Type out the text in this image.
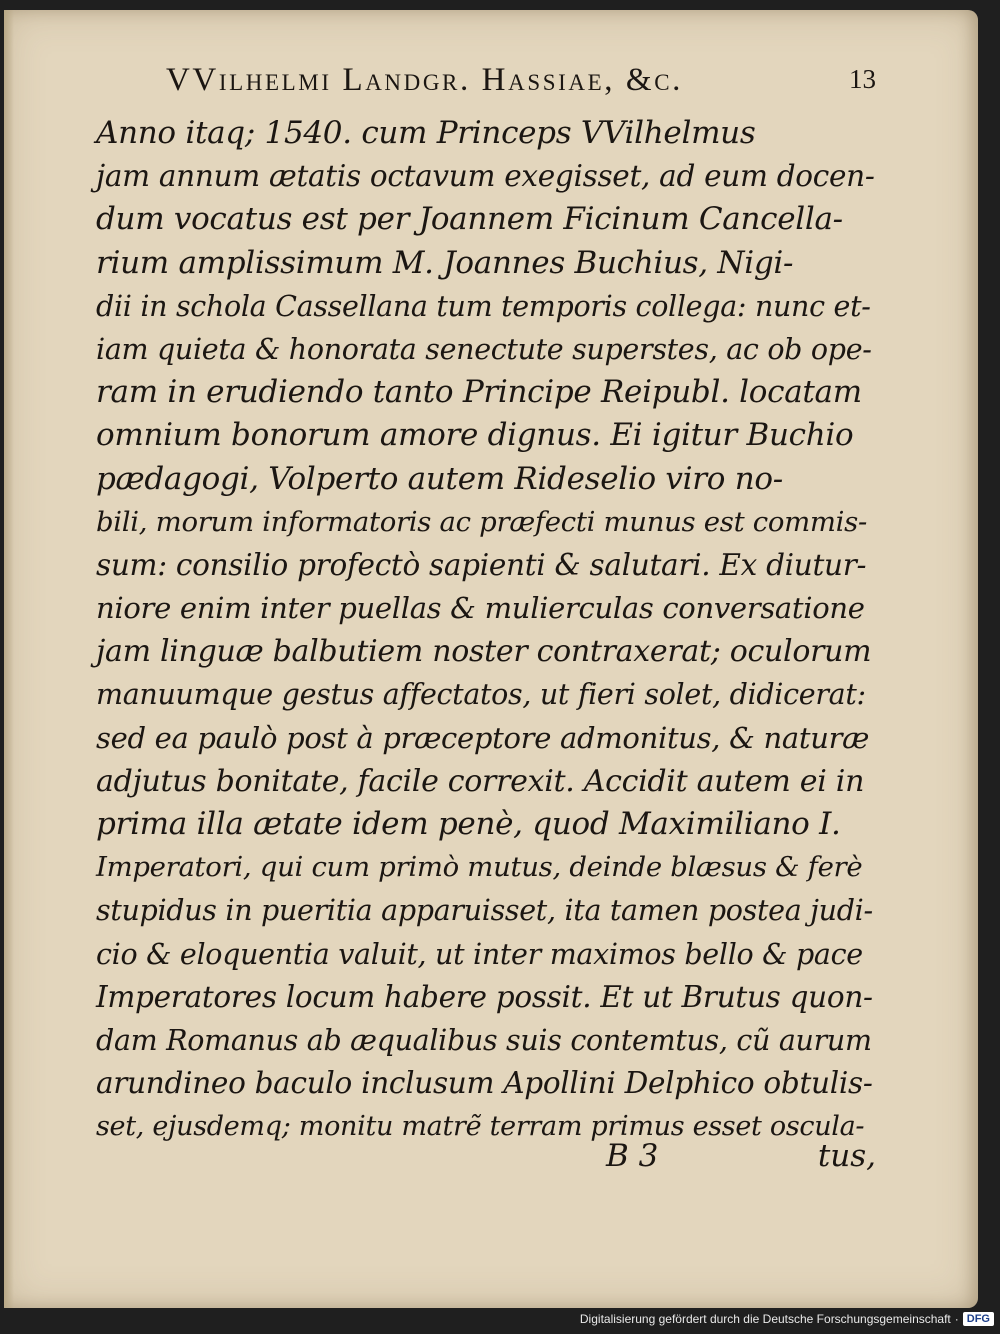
VVilhelmi Landgr. Hassiae, &c.	13
Anno itaq; 1540. cum Princeps VVilhelmus
jam annum ætatis octavum exegisset, ad eum docen-
dum vocatus est per Joannem Ficinum Cancella-
rium amplissimum M. Joannes Buchius, Nigi-
dii in schola Cassellana tum temporis collega: nunc et-
iam quieta & honorata senectute superstes, ac ob ope-
ram in erudiendo tanto Principe Reipubl. locatam
omnium bonorum amore dignus. Ei igitur Buchio
pædagogi, Volperto autem Rideselio viro no-
bili, morum informatoris ac præfecti munus est commis-
sum: consilio profectò sapienti & salutari. Ex diutur-
niore enim inter puellas & mulierculas conversatione
jam linguæ balbutiem noster contraxerat; oculorum
manuumque gestus affectatos, ut fieri solet, didicerat:
sed ea paulò post à præceptore admonitus, & naturæ
adjutus bonitate, facile correxit. Accidit autem ei in
prima illa ætate idem penè, quod Maximiliano I.
Imperatori, qui cum primò mutus, deinde blæsus & ferè
stupidus in pueritia apparuisset, ita tamen postea judi-
cio & eloquentia valuit, ut inter maximos bello & pace
Imperatores locum habere possit. Et ut Brutus quon-
dam Romanus ab æqualibus suis contemtus, cũ aurum
arundineo baculo inclusum Apollini Delphico obtulis-
set, ejusdemq; monitu matrẽ terram primus esset oscula-
B 3	tus,
Digitalisierung gefördert durch die Deutsche Forschungsgemeinschaft · DFG
